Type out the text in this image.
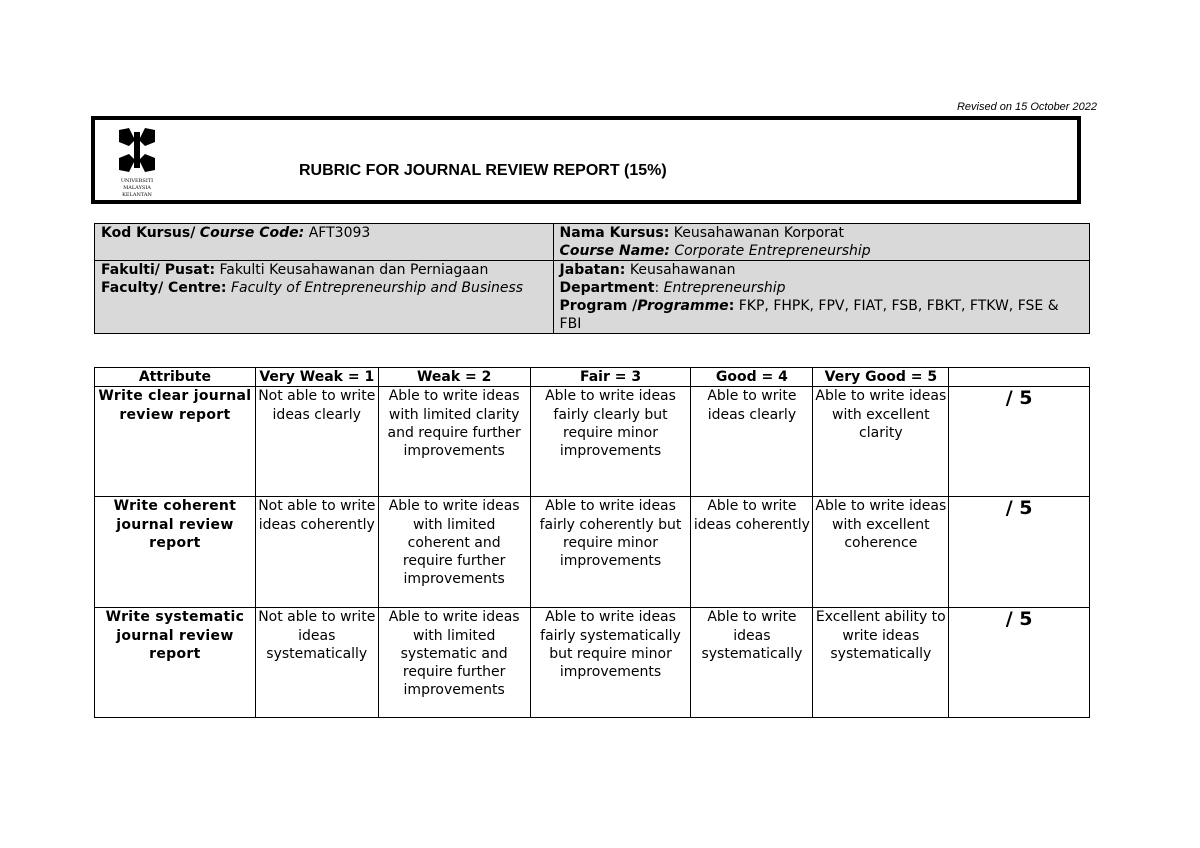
Revised on 15 October 2022
UNIVERSITI
MALAYSIA
KELANTAN
RUBRIC FOR JOURNAL REVIEW REPORT (15%)
Kod Kursus/ Course Code: AFT3093	Nama Kursus: Keusahawanan Korporat
Course Name: Corporate Entrepreneurship
Fakulti/ Pusat: Fakulti Keusahawanan dan Perniagaan
Faculty/ Centre: Faculty of Entrepreneurship and Business	Jabatan: Keusahawanan
Department: Entrepreneurship
Program /Programme: FKP, FHPK, FPV, FIAT, FSB, FBKT, FTKW, FSE & FBI
Attribute	Very Weak = 1	Weak = 2	Fair = 3	Good = 4	Very Good = 5	
Write clear journal review report	Not able to write ideas clearly	Able to write ideas with limited clarity and require further improvements	Able to write ideas fairly clearly but require minor improvements	Able to write ideas clearly	Able to write ideas with excellent clarity	/ 5
Write coherent journal review report	Not able to write ideas coherently	Able to write ideas with limited coherent and require further improvements	Able to write ideas fairly coherently but require minor improvements	Able to write ideas coherently	Able to write ideas with excellent coherence	/ 5
Write systematic journal review report	Not able to write ideas systematically	Able to write ideas with limited systematic and require further improvements	Able to write ideas fairly systematically but require minor improvements	Able to write ideas systematically	Excellent ability to write ideas systematically	/ 5
